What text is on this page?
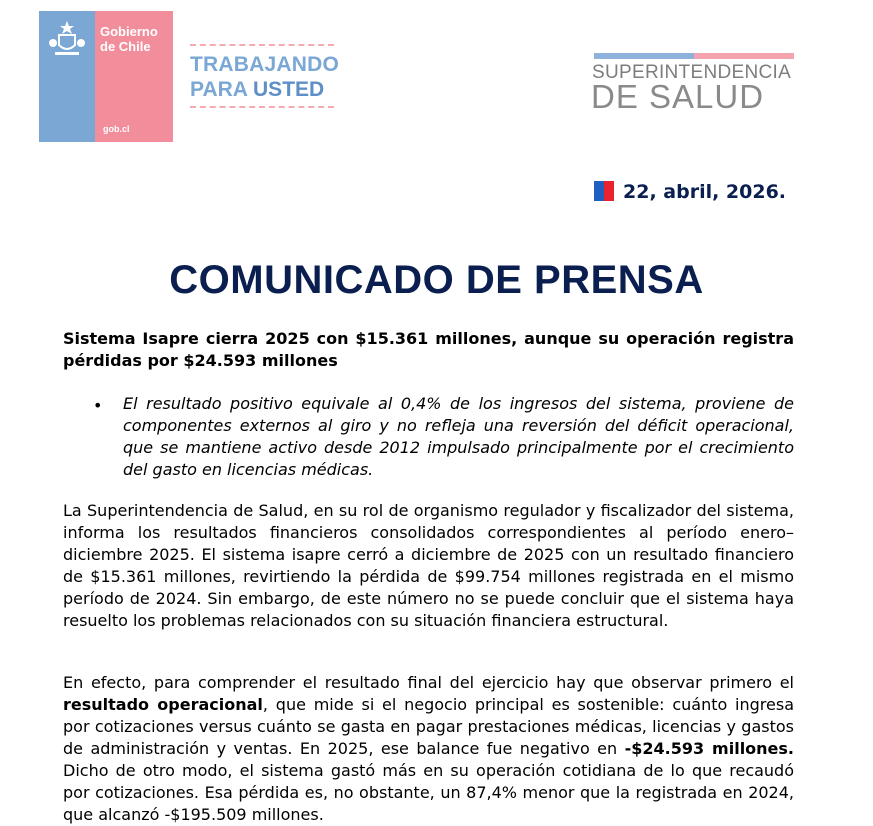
Gobierno
de Chile
gob.cl
TRABAJANDO
PARA USTED
SUPERINTENDENCIA
DE SALUD
22, abril, 2026.
COMUNICADO DE PRENSA
Sistema Isapre cierra 2025 con $15.361 millones, aunque su operación registra pérdidas por $24.593 millones
• El resultado positivo equivale al 0,4% de los ingresos del sistema, proviene de componentes externos al giro y no refleja una reversión del déficit operacional, que se mantiene activo desde 2012 impulsado principalmente por el crecimiento del gasto en licencias médicas.
La Superintendencia de Salud, en su rol de organismo regulador y fiscalizador del sistema, informa los resultados financieros consolidados correspondientes al período enero–diciembre 2025. El sistema isapre cerró a diciembre de 2025 con un resultado financiero de $15.361 millones, revirtiendo la pérdida de $99.754 millones registrada en el mismo período de 2024. Sin embargo, de este número no se puede concluir que el sistema haya resuelto los problemas relacionados con su situación financiera estructural.
En efecto, para comprender el resultado final del ejercicio hay que observar primero el resultado operacional, que mide si el negocio principal es sostenible: cuánto ingresa por cotizaciones versus cuánto se gasta en pagar prestaciones médicas, licencias y gastos de administración y ventas. En 2025, ese balance fue negativo en -$24.593 millones. Dicho de otro modo, el sistema gastó más en su operación cotidiana de lo que recaudó por cotizaciones. Esa pérdida es, no obstante, un 87,4% menor que la registrada en 2024, que alcanzó -$195.509 millones.
